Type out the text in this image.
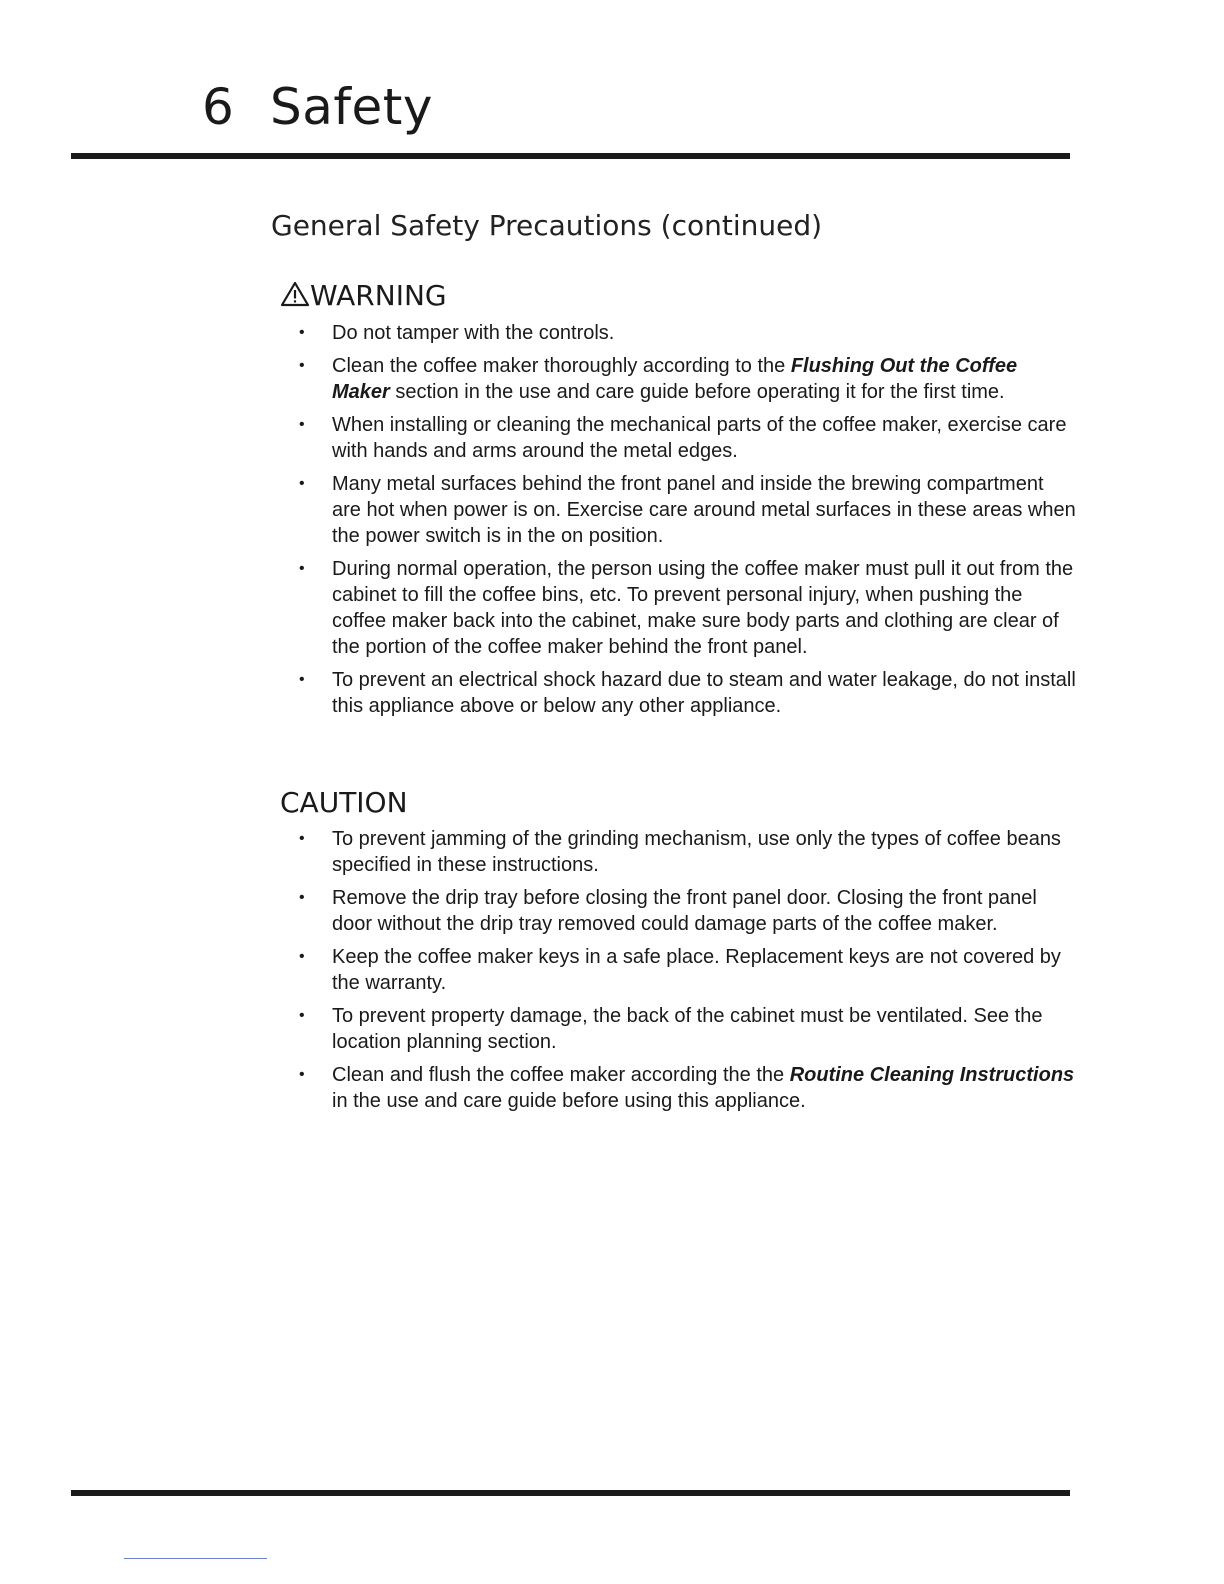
6 Safety
General Safety Precautions (continued)
WARNING
• Do not tamper with the controls.
• Clean the coffee maker thoroughly according to the Flushing Out the Coffee Maker section in the use and care guide before operating it for the first time.
• When installing or cleaning the mechanical parts of the coffee maker, exercise care with hands and arms around the metal edges.
• Many metal surfaces behind the front panel and inside the brewing compartment are hot when power is on. Exercise care around metal surfaces in these areas when the power switch is in the on position.
• During normal operation, the person using the coffee maker must pull it out from the cabinet to fill the coffee bins, etc. To prevent personal injury, when pushing the coffee maker back into the cabinet, make sure body parts and clothing are clear of the portion of the coffee maker behind the front panel.
• To prevent an electrical shock hazard due to steam and water leakage, do not install this appliance above or below any other appliance.
CAUTION
• To prevent jamming of the grinding mechanism, use only the types of coffee beans specified in these instructions.
• Remove the drip tray before closing the front panel door. Closing the front panel door without the drip tray removed could damage parts of the coffee maker.
• Keep the coffee maker keys in a safe place. Replacement keys are not covered by the warranty.
• To prevent property damage, the back of the cabinet must be ventilated. See the location planning section.
• Clean and flush the coffee maker according the the Routine Cleaning Instructions in the use and care guide before using this appliance.
